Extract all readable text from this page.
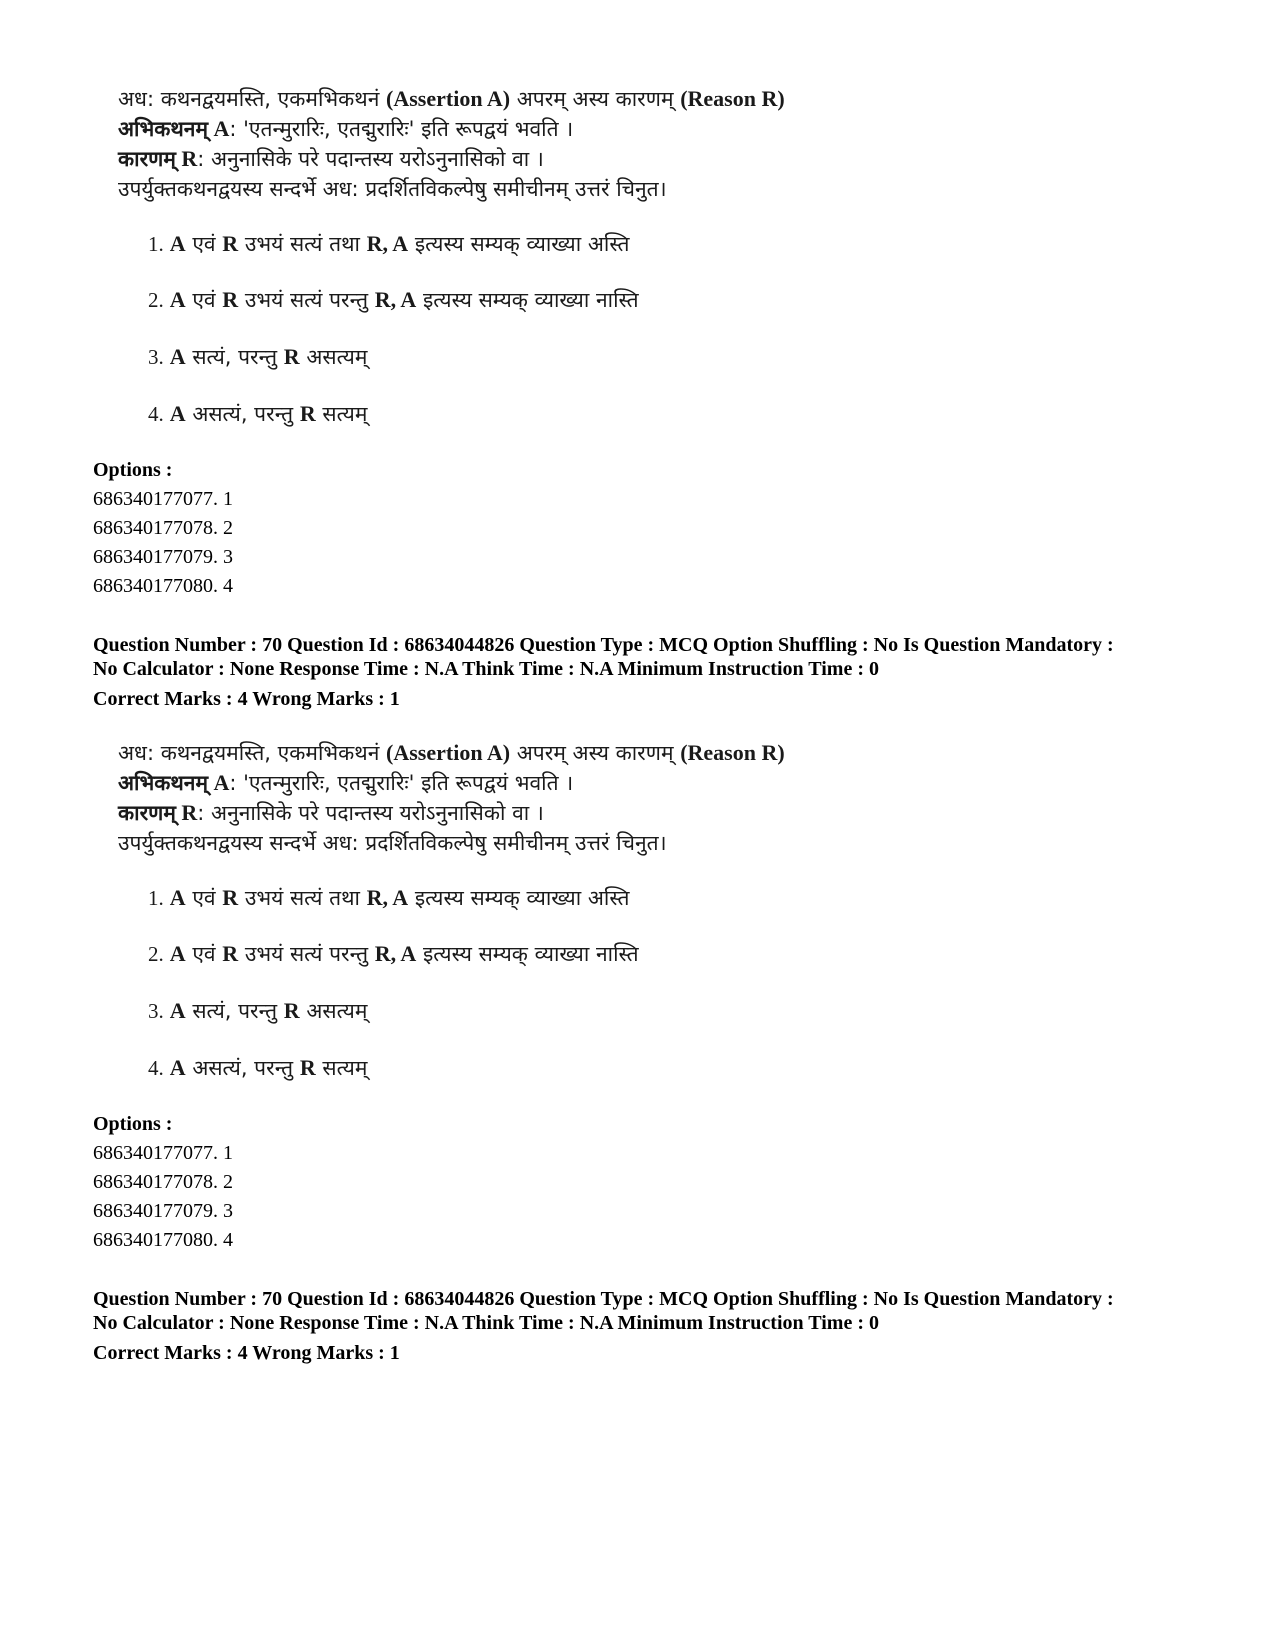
अध: कथनद्वयमस्ति, एकमभिकथनं (Assertion A) अपरम् अस्य कारणम् (Reason R)
अभिकथनम् A: 'एतन्मुरारिः, एतद्मुरारिः' इति रूपद्वयं भवति ।
कारणम् R: अनुनासिके परे पदान्तस्य यरोऽनुनासिको वा ।
उपर्युक्तकथनद्वयस्य सन्दर्भे अध: प्रदर्शितविकल्पेषु समीचीनम् उत्तरं चिनुत।
1. A एवं R उभयं सत्यं तथा R, A इत्यस्य सम्यक् व्याख्या अस्ति
2. A एवं R उभयं सत्यं परन्तु R, A इत्यस्य सम्यक् व्याख्या नास्ति
3. A सत्यं, परन्तु R असत्यम्
4. A असत्यं, परन्तु R सत्यम्
Options :
686340177077. 1
686340177078. 2
686340177079. 3
686340177080. 4
Question Number : 70 Question Id : 68634044826 Question Type : MCQ Option Shuffling : No Is Question Mandatory :
No Calculator : None Response Time : N.A Think Time : N.A Minimum Instruction Time : 0
Correct Marks : 4 Wrong Marks : 1
अध: कथनद्वयमस्ति, एकमभिकथनं (Assertion A) अपरम् अस्य कारणम् (Reason R)
अभिकथनम् A: 'एतन्मुरारिः, एतद्मुरारिः' इति रूपद्वयं भवति ।
कारणम् R: अनुनासिके परे पदान्तस्य यरोऽनुनासिको वा ।
उपर्युक्तकथनद्वयस्य सन्दर्भे अध: प्रदर्शितविकल्पेषु समीचीनम् उत्तरं चिनुत।
1. A एवं R उभयं सत्यं तथा R, A इत्यस्य सम्यक् व्याख्या अस्ति
2. A एवं R उभयं सत्यं परन्तु R, A इत्यस्य सम्यक् व्याख्या नास्ति
3. A सत्यं, परन्तु R असत्यम्
4. A असत्यं, परन्तु R सत्यम्
Options :
686340177077. 1
686340177078. 2
686340177079. 3
686340177080. 4
Question Number : 70 Question Id : 68634044826 Question Type : MCQ Option Shuffling : No Is Question Mandatory :
No Calculator : None Response Time : N.A Think Time : N.A Minimum Instruction Time : 0
Correct Marks : 4 Wrong Marks : 1
